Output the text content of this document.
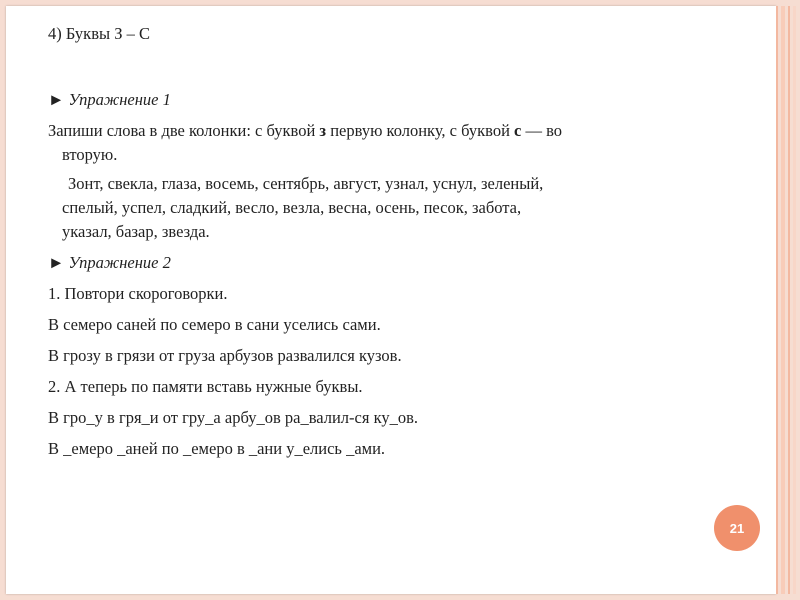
4) Буквы З – С
► Упражнение 1
Запиши слова в две колонки: с буквой з первую колонку, с буквой с — во
вторую.
Зонт, свекла, глаза, восемь, сентябрь, август, узнал, уснул, зеленый,
спелый, успел, сладкий, весло, везла, весна, осень, песок, забота,
указал, базар, звезда.
► Упражнение 2
1. Повтори скороговорки.
В семеро саней по семеро в сани уселись сами.
В грозу в грязи от груза арбузов развалился кузов.
2. А теперь по памяти вставь нужные буквы.
В гро_у в гря_и от гру_а арбу_ов ра_валил-ся ку_ов.
В _емеро _аней по _емеро в _ани у_елись _ами.
21
